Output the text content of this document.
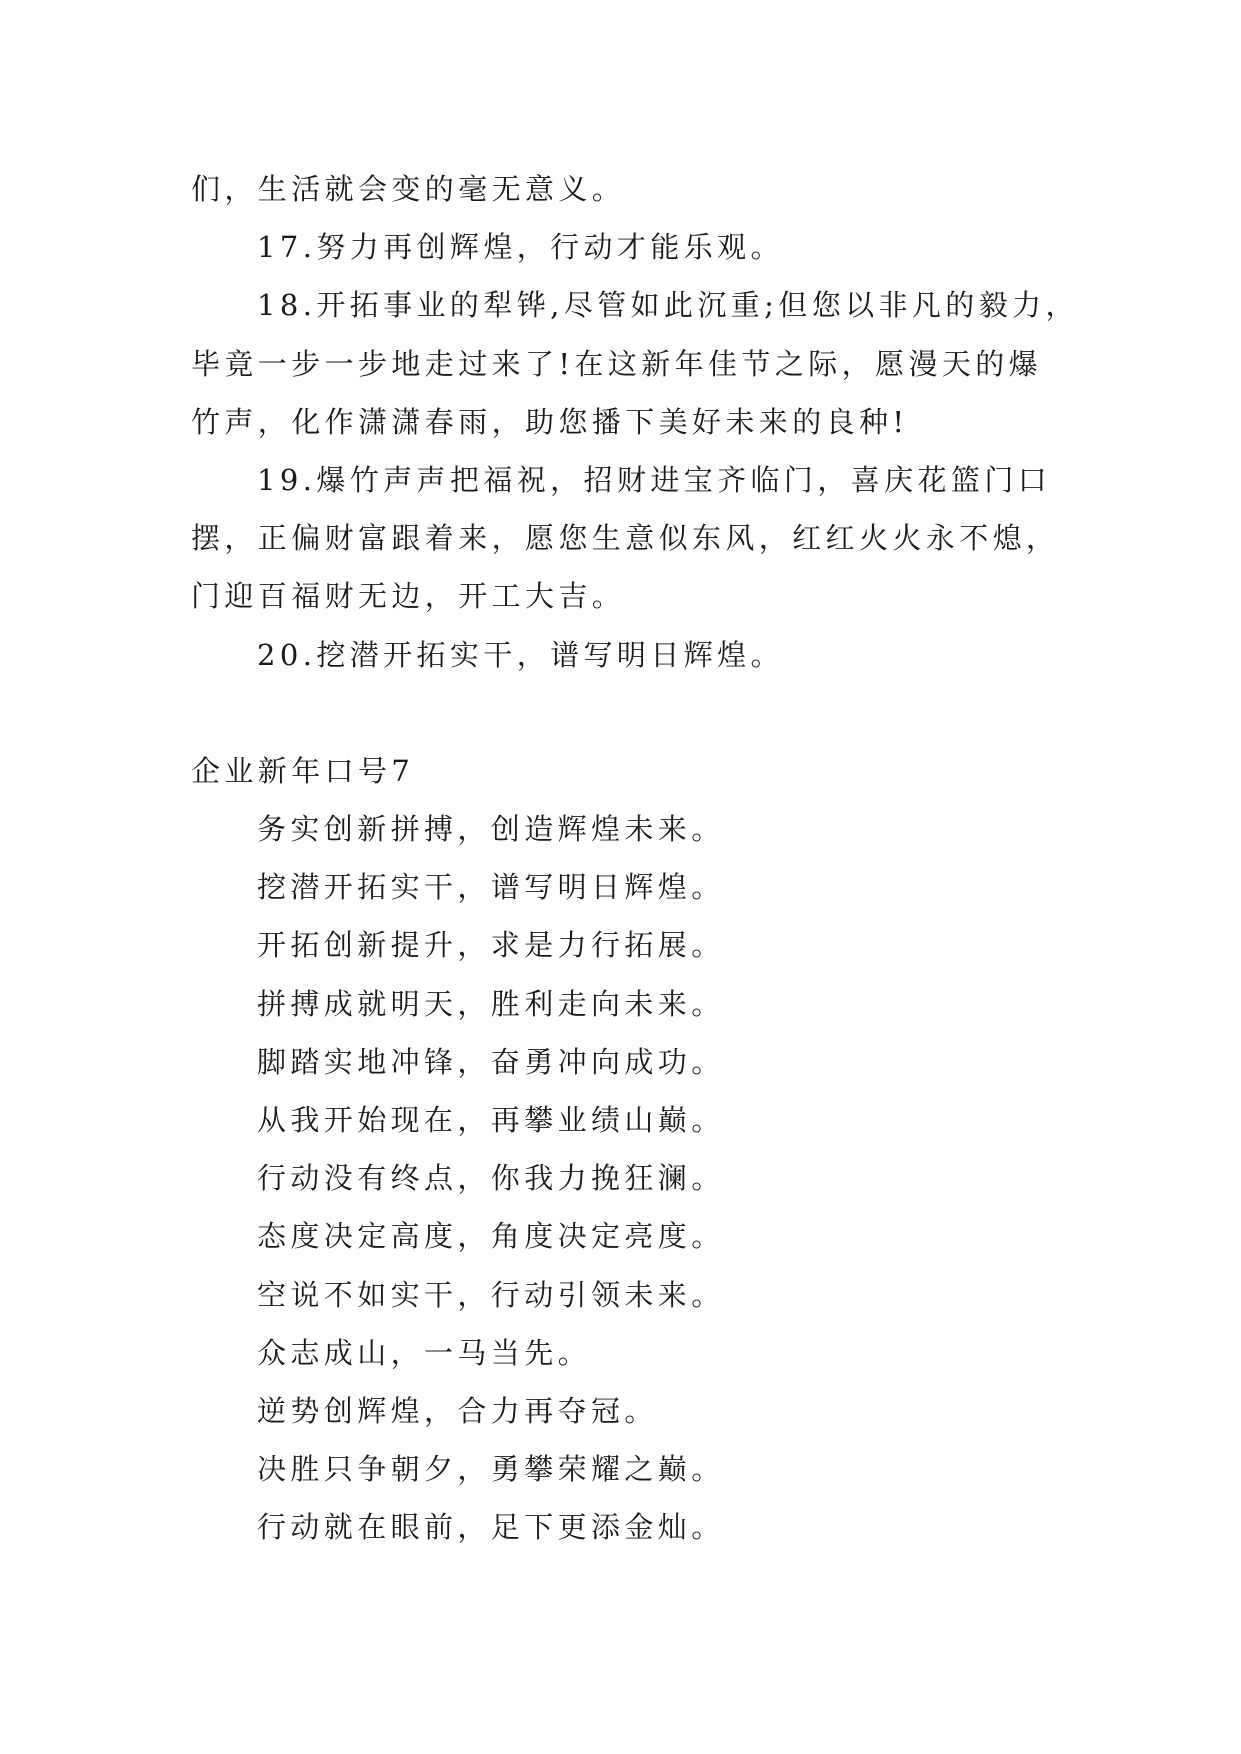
们，生活就会变的毫无意义。

17.努力再创辉煌，行动才能乐观。

18.开拓事业的犁铧,尽管如此沉重;但您以非凡的毅力，

毕竟一步一步地走过来了!在这新年佳节之际，愿漫天的爆

竹声，化作潇潇春雨，助您播下美好未来的良种!

19.爆竹声声把福祝，招财进宝齐临门，喜庆花篮门口

摆，正偏财富跟着来，愿您生意似东风，红红火火永不熄，

门迎百福财无边，开工大吉。

20.挖潜开拓实干，谱写明日辉煌。

企业新年口号7

务实创新拼搏，创造辉煌未来。

挖潜开拓实干，谱写明日辉煌。

开拓创新提升，求是力行拓展。

拼搏成就明天，胜利走向未来。

脚踏实地冲锋，奋勇冲向成功。

从我开始现在，再攀业绩山巅。

行动没有终点，你我力挽狂澜。

态度决定高度，角度决定亮度。

空说不如实干，行动引领未来。

众志成山，一马当先。

逆势创辉煌，合力再夺冠。

决胜只争朝夕，勇攀荣耀之巅。

行动就在眼前，足下更添金灿。
